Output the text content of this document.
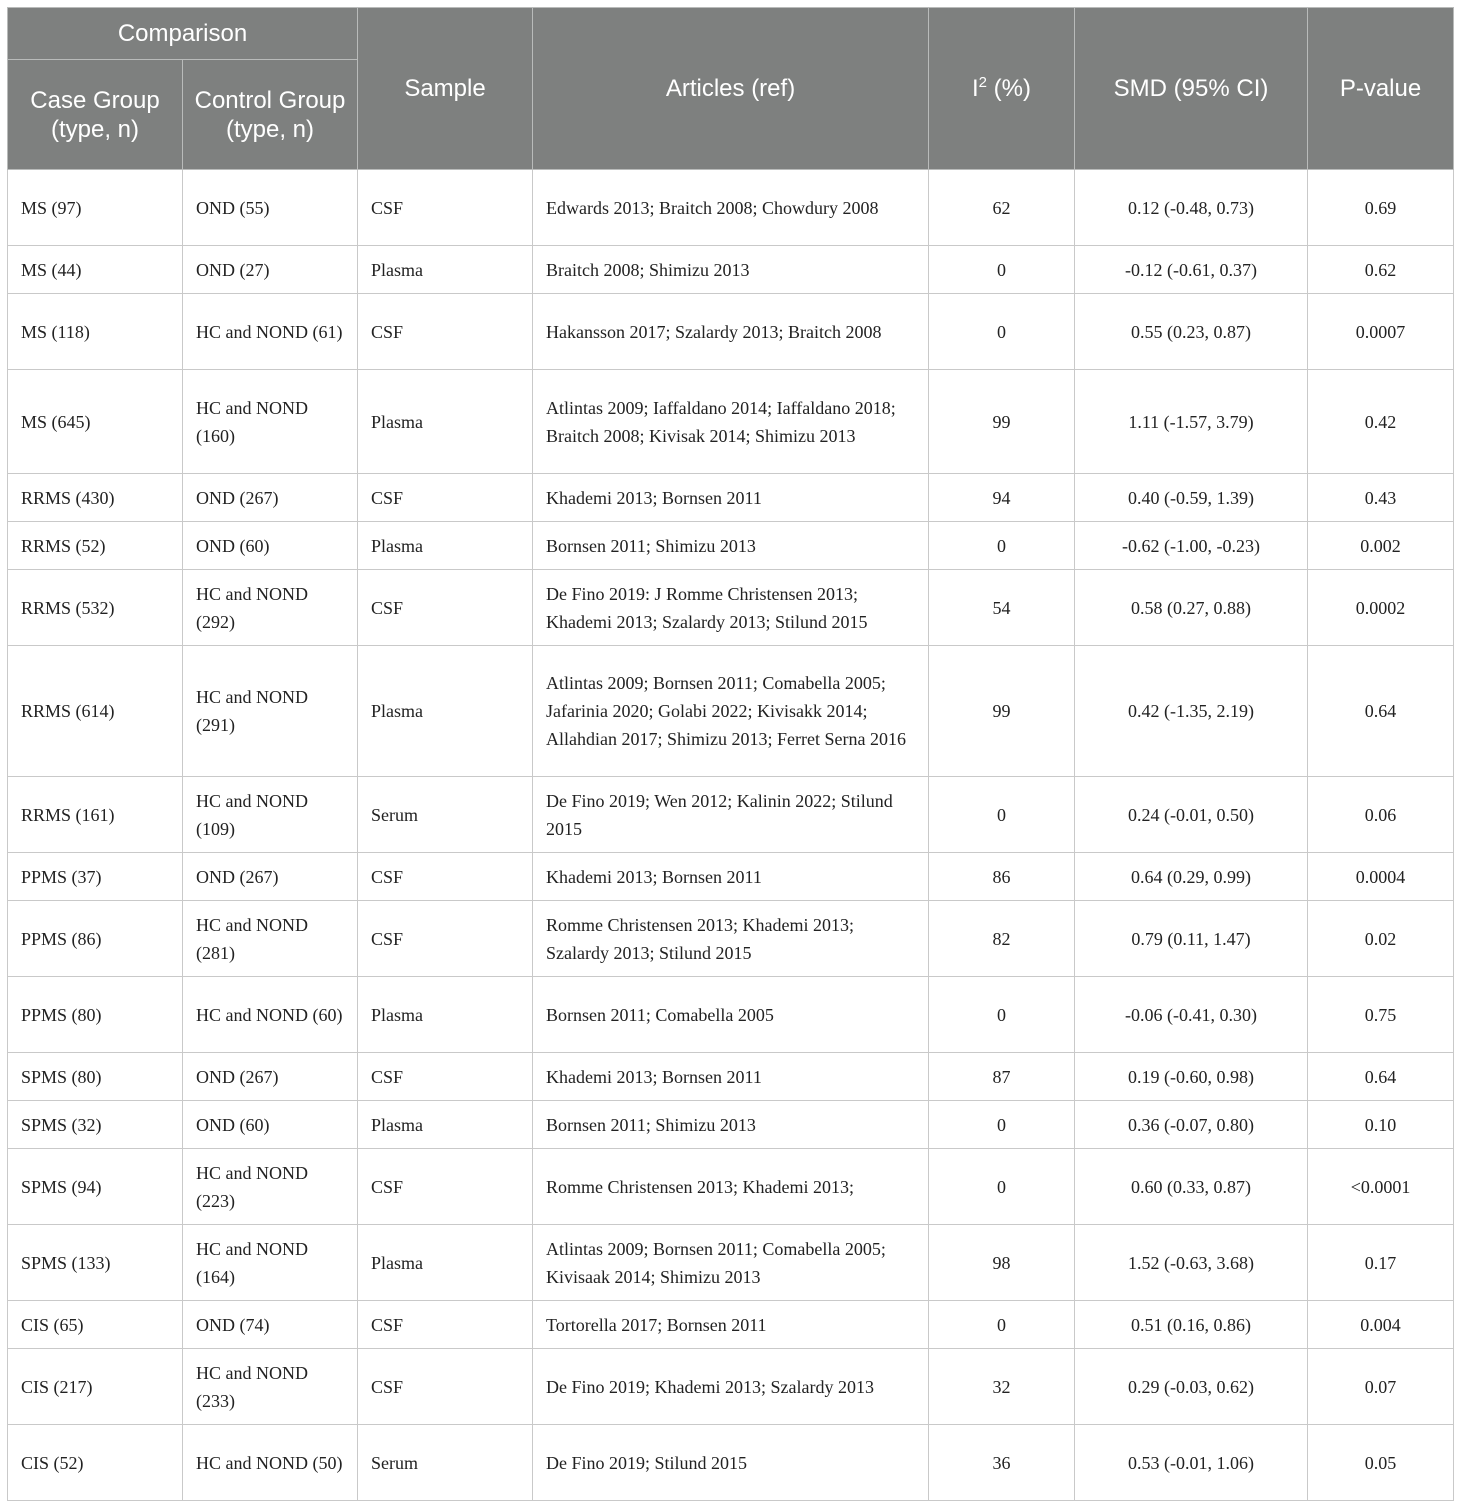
Comparison		Sample	Articles (ref)	$I^2$ (%)	SMD (95% CI)	P-value
Case Group (type, n)	Control Group (type, n)					
MS (97)	OND (55)	CSF	Edwards 2013; Braitch 2008; Chowdury 2008	62	0.12 (-0.48, 0.73)	0.69
MS (44)	OND (27)	Plasma	Braitch 2008; Shimizu 2013	0	-0.12 (-0.61, 0.37)	0.62
MS (118)	HC and NOND (61)	CSF	Hakansson 2017; Szalardy 2013; Braitch 2008	0	0.55 (0.23, 0.87)	0.0007
MS (645)	HC and NOND (160)	Plasma	Atlintas 2009; Iaffaldano 2014; Iaffaldano 2018; Braitch 2008; Kivisak 2014; Shimizu 2013	99	1.11 (-1.57, 3.79)	0.42
RRMS (430)	OND (267)	CSF	Khademi 2013; Bornsen 2011	94	0.40 (-0.59, 1.39)	0.43
RRMS (52)	OND (60)	Plasma	Bornsen 2011; Shimizu 2013	0	-0.62 (-1.00, -0.23)	0.002
RRMS (532)	HC and NOND (292)	CSF	De Fino 2019: J Romme Christensen 2013; Khademi 2013; Szalardy 2013; Stilund 2015	54	0.58 (0.27, 0.88)	0.0002
RRMS (614)	HC and NOND (291)	Plasma	Atlintas 2009; Bornsen 2011; Comabella 2005; Jafarinia 2020; Golabi 2022; Kivisakk 2014; Allahdian 2017; Shimizu 2013; Ferret Serna 2016	99	0.42 (-1.35, 2.19)	0.64
RRMS (161)	HC and NOND (109)	Serum	De Fino 2019; Wen 2012; Kalinin 2022; Stilund 2015	0	0.24 (-0.01, 0.50)	0.06
PPMS (37)	OND (267)	CSF	Khademi 2013; Bornsen 2011	86	0.64 (0.29, 0.99)	0.0004
PPMS (86)	HC and NOND (281)	CSF	Romme Christensen 2013; Khademi 2013; Szalardy 2013; Stilund 2015	82	0.79 (0.11, 1.47)	0.02
PPMS (80)	HC and NOND (60)	Plasma	Bornsen 2011; Comabella 2005	0	-0.06 (-0.41, 0.30)	0.75
SPMS (80)	OND (267)	CSF	Khademi 2013; Bornsen 2011	87	0.19 (-0.60, 0.98)	0.64
SPMS (32)	OND (60)	Plasma	Bornsen 2011; Shimizu 2013	0	0.36 (-0.07, 0.80)	0.10
SPMS (94)	HC and NOND (223)	CSF	Romme Christensen 2013; Khademi 2013;	0	0.60 (0.33, 0.87)	<0.0001
SPMS (133)	HC and NOND (164)	Plasma	Atlintas 2009; Bornsen 2011; Comabella 2005; Kivisaak 2014; Shimizu 2013	98	1.52 (-0.63, 3.68)	0.17
CIS (65)	OND (74)	CSF	Tortorella 2017; Bornsen 2011	0	0.51 (0.16, 0.86)	0.004
CIS (217)	HC and NOND (233)	CSF	De Fino 2019; Khademi 2013; Szalardy 2013	32	0.29 (-0.03, 0.62)	0.07
CIS (52)	HC and NOND (50)	Serum	De Fino 2019; Stilund 2015	36	0.53 (-0.01, 1.06)	0.05
